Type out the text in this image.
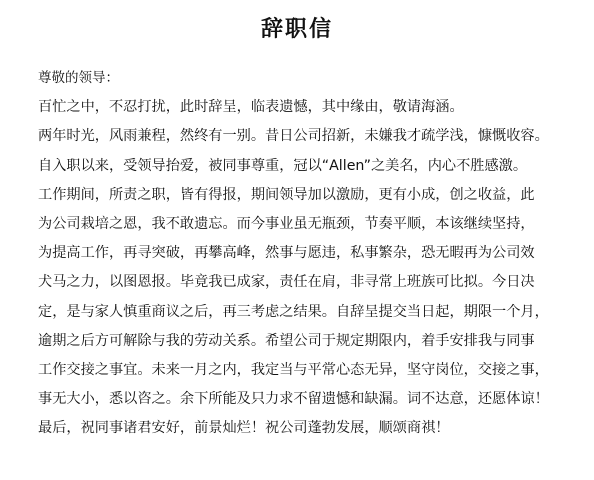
辞职信
尊敬的领导：
百忙之中，不忍打扰，此时辞呈，临表遗憾，其中缘由，敬请海涵。
两年时光，风雨兼程，然终有一别。昔日公司招新，未嫌我才疏学浅，慷慨收容。
自入职以来，受领导抬爱，被同事尊重，冠以“Allen”之美名，内心不胜感激。
工作期间，所责之职，皆有得报，期间领导加以激励，更有小成，创之收益，此
为公司栽培之恩，我不敢遗忘。而今事业虽无瓶颈，节奏平顺，本该继续坚持，
为提高工作，再寻突破，再攀高峰，然事与愿违，私事繁杂，恐无暇再为公司效
犬马之力，以图恩报。毕竟我已成家，责任在肩，非寻常上班族可比拟。今日决
定，是与家人慎重商议之后，再三考虑之结果。自辞呈提交当日起，期限一个月，
逾期之后方可解除与我的劳动关系。希望公司于规定期限内，着手安排我与同事
工作交接之事宜。未来一月之内，我定当与平常心态无异，坚守岗位，交接之事，
事无大小，悉以咨之。余下所能及只力求不留遗憾和缺漏。词不达意，还愿体谅！
最后，祝同事诸君安好，前景灿烂！祝公司蓬勃发展，顺颂商祺！
